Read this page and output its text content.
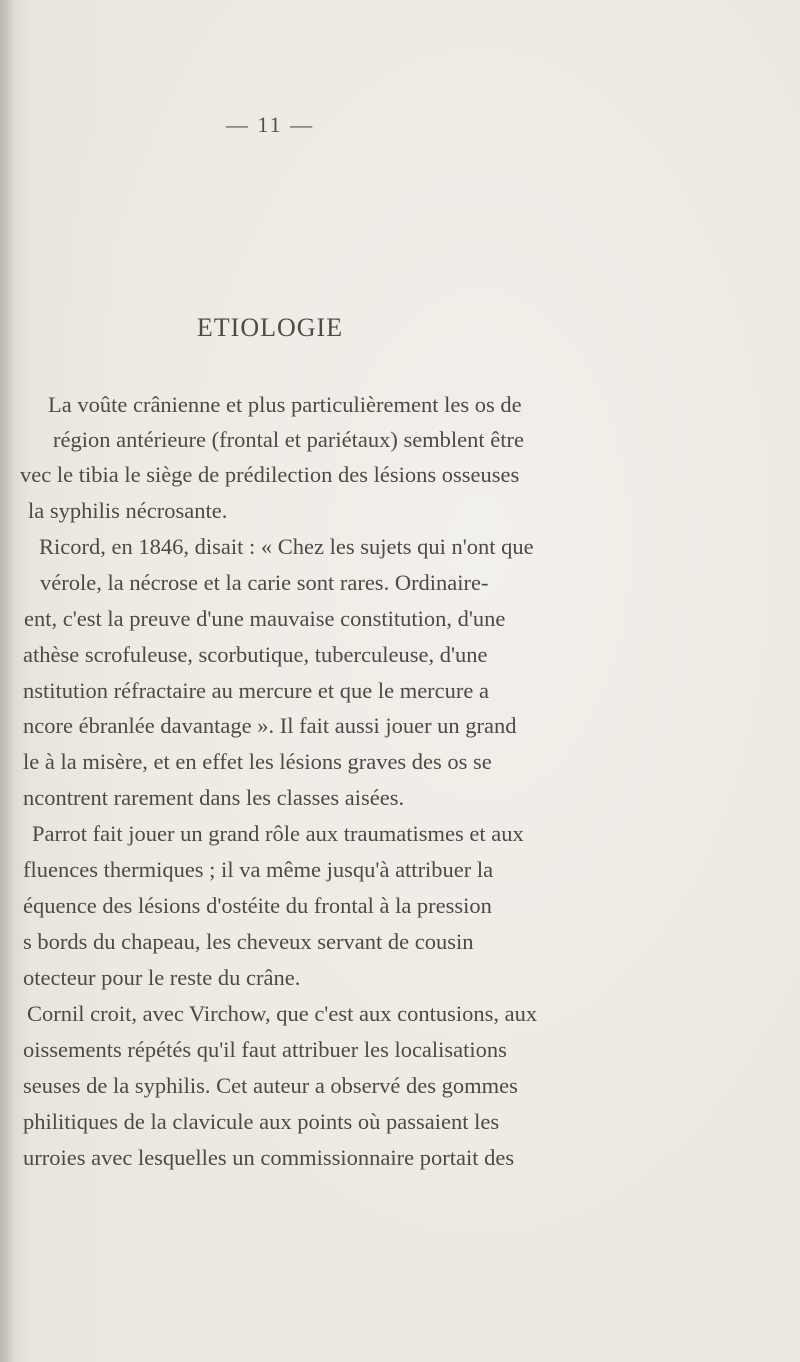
— 11 —
ETIOLOGIE
La voûte crânienne et plus particulièrement les os de
région antérieure (frontal et pariétaux) semblent être
vec le tibia le siège de prédilection des lésions osseuses
la syphilis nécrosante.
Ricord, en 1846, disait : « Chez les sujets qui n'ont que
vérole, la nécrose et la carie sont rares. Ordinaire-
ent, c'est la preuve d'une mauvaise constitution, d'une
athèse scrofuleuse, scorbutique, tuberculeuse, d'une
nstitution réfractaire au mercure et que le mercure a
ncore ébranlée davantage ». Il fait aussi jouer un grand
le à la misère, et en effet les lésions graves des os se
ncontrent rarement dans les classes aisées.
Parrot fait jouer un grand rôle aux traumatismes et aux
fluences thermiques ; il va même jusqu'à attribuer la
équence des lésions d'ostéite du frontal à la pression
s bords du chapeau, les cheveux servant de cousin
otecteur pour le reste du crâne.
Cornil croit, avec Virchow, que c'est aux contusions, aux
oissements répétés qu'il faut attribuer les localisations
seuses de la syphilis. Cet auteur a observé des gommes
philitiques de la clavicule aux points où passaient les
urroies avec lesquelles un commissionnaire portait des
